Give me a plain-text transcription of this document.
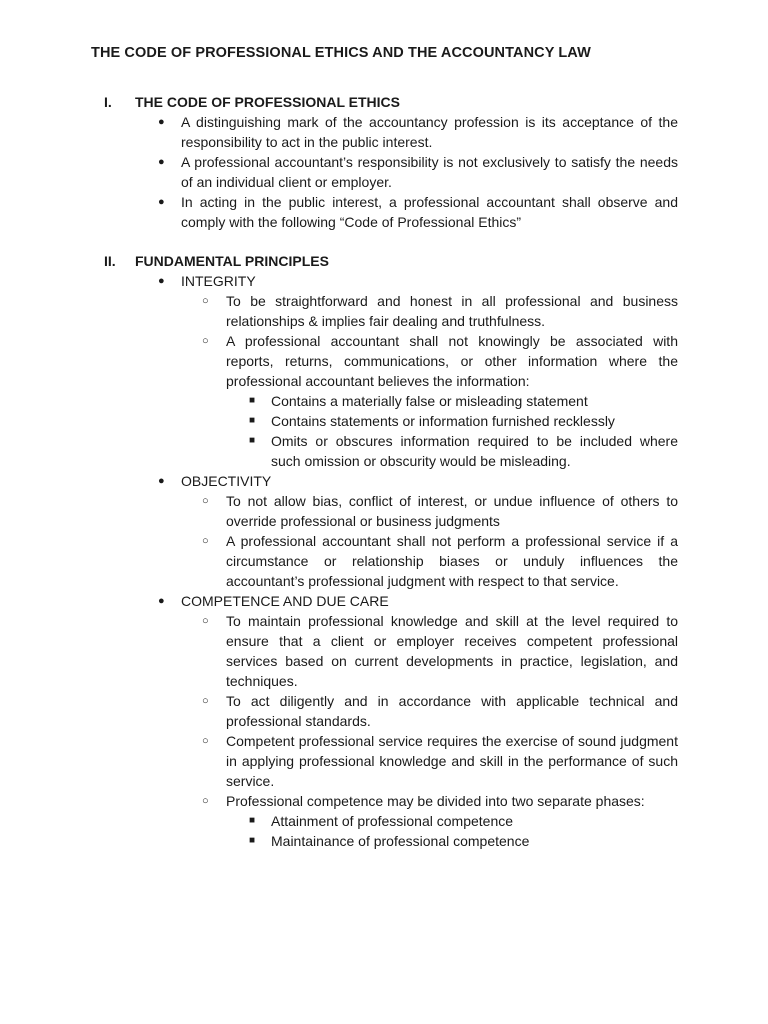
THE CODE OF PROFESSIONAL ETHICS AND THE ACCOUNTANCY LAW
I. THE CODE OF PROFESSIONAL ETHICS
● A distinguishing mark of the accountancy profession is its acceptance of the responsibility to act in the public interest.
● A professional accountant’s responsibility is not exclusively to satisfy the needs of an individual client or employer.
● In acting in the public interest, a professional accountant shall observe and comply with the following “Code of Professional Ethics”
II. FUNDAMENTAL PRINCIPLES
● INTEGRITY
○ To be straightforward and honest in all professional and business relationships & implies fair dealing and truthfulness.
○ A professional accountant shall not knowingly be associated with reports, returns, communications, or other information where the professional accountant believes the information:
■ Contains a materially false or misleading statement
■ Contains statements or information furnished recklessly
■ Omits or obscures information required to be included where such omission or obscurity would be misleading.
● OBJECTIVITY
○ To not allow bias, conflict of interest, or undue influence of others to override professional or business judgments
○ A professional accountant shall not perform a professional service if a circumstance or relationship biases or unduly influences the accountant’s professional judgment with respect to that service.
● COMPETENCE AND DUE CARE
○ To maintain professional knowledge and skill at the level required to ensure that a client or employer receives competent professional services based on current developments in practice, legislation, and techniques.
○ To act diligently and in accordance with applicable technical and professional standards.
○ Competent professional service requires the exercise of sound judgment in applying professional knowledge and skill in the performance of such service.
○ Professional competence may be divided into two separate phases:
■ Attainment of professional competence
■ Maintainance of professional competence
